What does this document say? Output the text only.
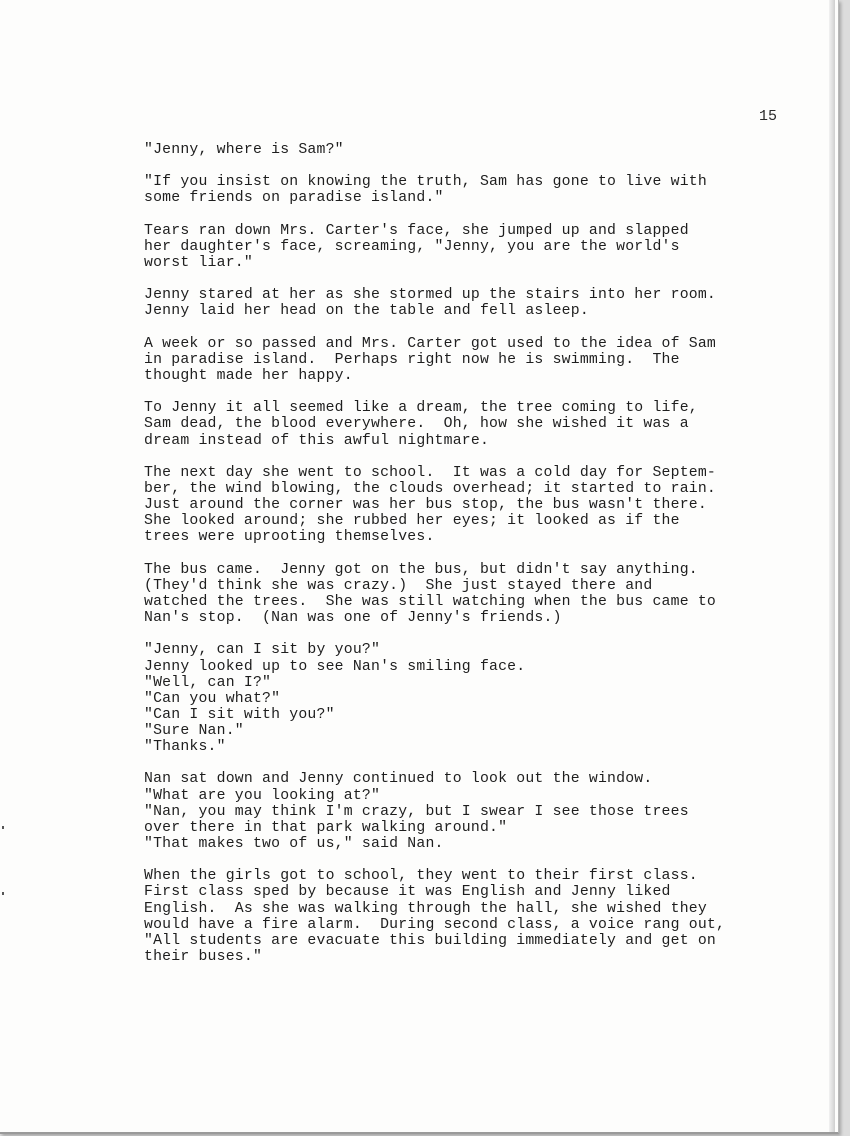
15

"Jenny, where is Sam?"
"If you insist on knowing the truth, Sam has gone to live with
some friends on paradise island."
Tears ran down Mrs. Carter's face, she jumped up and slapped
her daughter's face, screaming, "Jenny, you are the world's
worst liar."
Jenny stared at her as she stormed up the stairs into her room.
Jenny laid her head on the table and fell asleep.
A week or so passed and Mrs. Carter got used to the idea of Sam
in paradise island.  Perhaps right now he is swimming.  The
thought made her happy.
To Jenny it all seemed like a dream, the tree coming to life,
Sam dead, the blood everywhere.  Oh, how she wished it was a
dream instead of this awful nightmare.
The next day she went to school.  It was a cold day for Septem-
ber, the wind blowing, the clouds overhead; it started to rain.
Just around the corner was her bus stop, the bus wasn't there.
She looked around; she rubbed her eyes; it looked as if the
trees were uprooting themselves.
The bus came.  Jenny got on the bus, but didn't say anything.
(They'd think she was crazy.)  She just stayed there and
watched the trees.  She was still watching when the bus came to
Nan's stop.  (Nan was one of Jenny's friends.)
"Jenny, can I sit by you?"
Jenny looked up to see Nan's smiling face.
"Well, can I?"
"Can you what?"
"Can I sit with you?"
"Sure Nan."
"Thanks."
Nan sat down and Jenny continued to look out the window.
"What are you looking at?"
"Nan, you may think I'm crazy, but I swear I see those trees
over there in that park walking around."
"That makes two of us," said Nan.
When the girls got to school, they went to their first class.
First class sped by because it was English and Jenny liked
English.  As she was walking through the hall, she wished they
would have a fire alarm.  During second class, a voice rang out,
"All students are evacuate this building immediately and get on
their buses."
